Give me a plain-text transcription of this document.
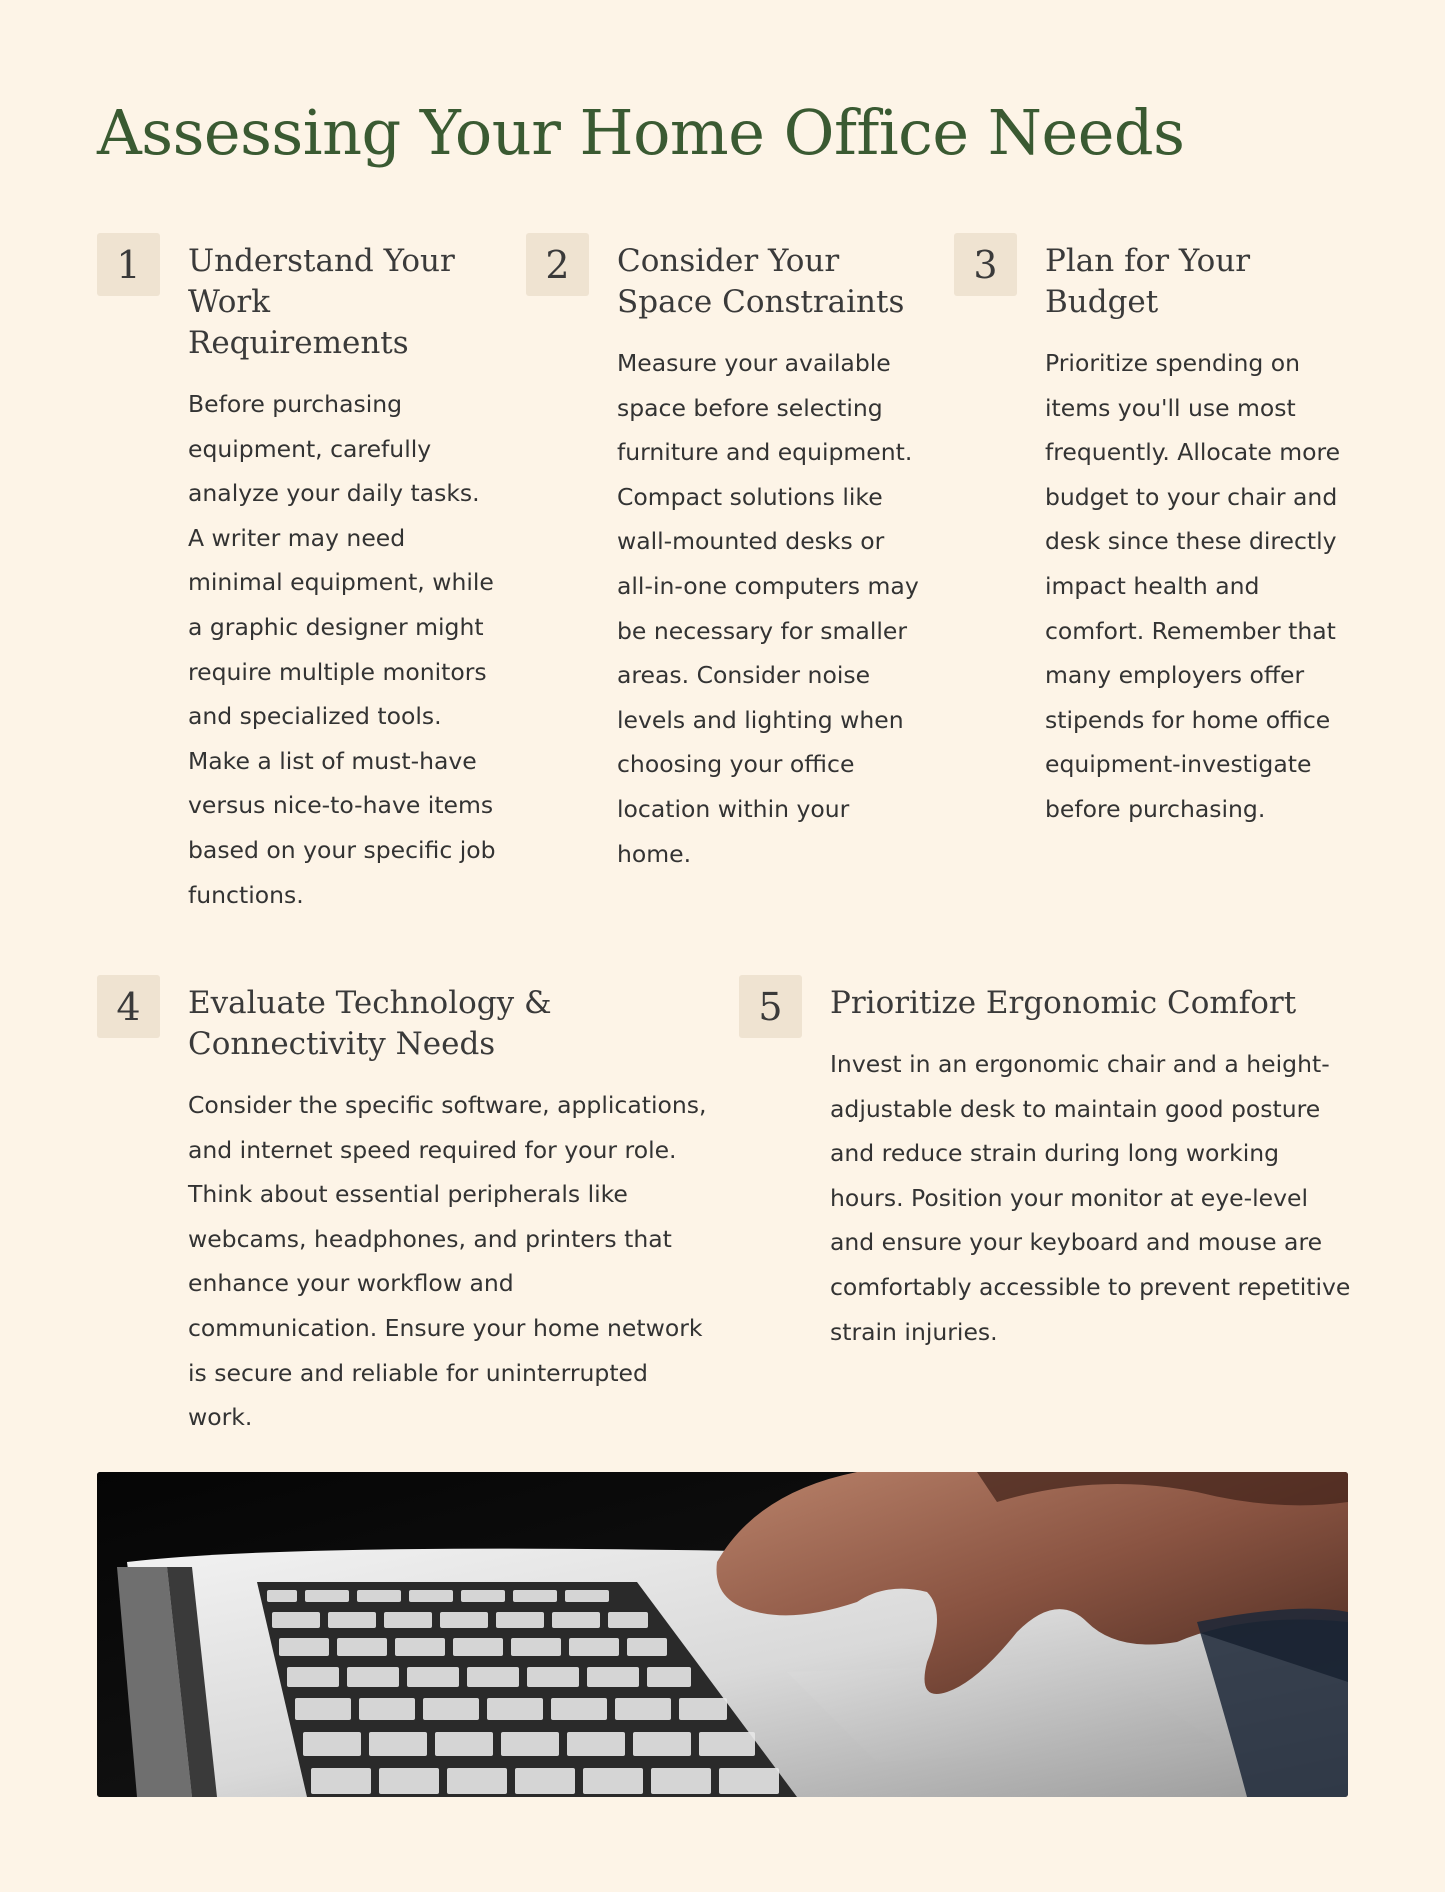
Assessing Your Home Office Needs
1	Understand Your Work Requirements

Before purchasing equipment, carefully analyze your daily tasks. A writer may need minimal equipment, while a graphic designer might require multiple monitors and specialized tools. Make a list of must-have versus nice-to-have items based on your specific job functions.

2	Consider Your Space Constraints

Measure your available space before selecting furniture and equipment. Compact solutions like wall-mounted desks or all-in-one computers may be necessary for smaller areas. Consider noise levels and lighting when choosing your office location within your home.

3	Plan for Your Budget

Prioritize spending on items you'll use most frequently. Allocate more budget to your chair and desk since these directly impact health and comfort. Remember that many employers offer stipends for home office equipment-investigate before purchasing.

4	Evaluate Technology & Connectivity Needs

Consider the specific software, applications, and internet speed required for your role. Think about essential peripherals like webcams, headphones, and printers that enhance your workflow and communication. Ensure your home network is secure and reliable for uninterrupted work.

5	Prioritize Ergonomic Comfort

Invest in an ergonomic chair and a height-adjustable desk to maintain good posture and reduce strain during long working hours. Position your monitor at eye-level and ensure your keyboard and mouse are comfortably accessible to prevent repetitive strain injuries.
